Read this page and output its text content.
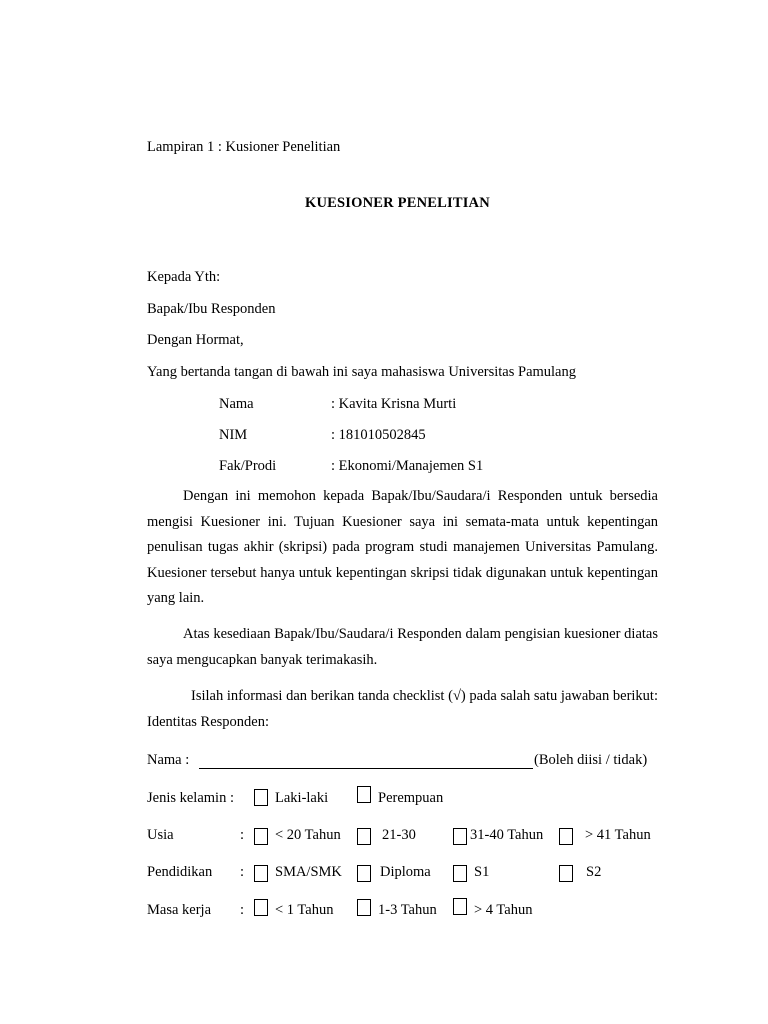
Lampiran 1 : Kusioner Penelitian
KUESIONER PENELITIAN
Kepada Yth:
Bapak/Ibu Responden
Dengan Hormat,
Yang bertanda tangan di bawah ini saya mahasiswa Universitas Pamulang
Nama	: Kavita Krisna Murti
NIM	: 181010502845
Fak/Prodi	: Ekonomi/Manajemen S1
Dengan ini memohon kepada Bapak/Ibu/Saudara/i Responden untuk bersedia mengisi Kuesioner ini. Tujuan Kuesioner saya ini semata-mata untuk kepentingan penulisan tugas akhir (skripsi) pada program studi manajemen Universitas Pamulang. Kuesioner tersebut hanya untuk kepentingan skripsi tidak digunakan untuk kepentingan yang lain.
Atas kesediaan Bapak/Ibu/Saudara/i Responden dalam pengisian kuesioner diatas saya mengucapkan banyak terimakasih.
Isilah informasi dan berikan tanda checklist (√) pada salah satu jawaban berikut: Identitas Responden:
Nama :	(Boleh diisi / tidak)
Jenis kelamin :	Laki-laki	Perempuan
Usia	: < 20 Tahun	21-30	31-40 Tahun	> 41 Tahun
Pendidikan : SMA/SMK	Diploma	S1	S2
Masa kerja : < 1 Tahun	1-3 Tahun	> 4 Tahun
